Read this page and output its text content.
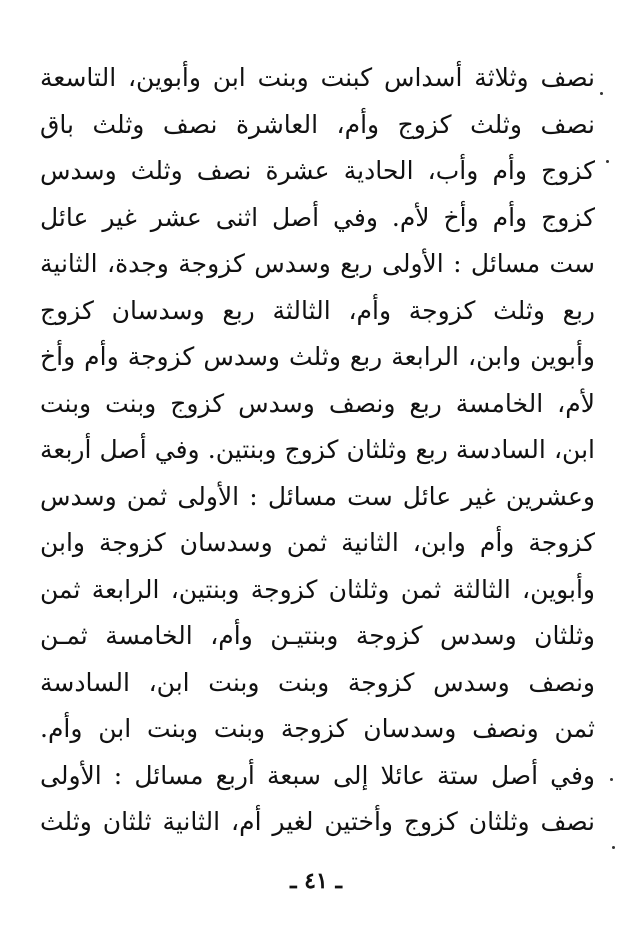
نصف وثلاثة أسداس كبنت وبنت ابن وأبوين، التاسعة
نصف وثلث كزوج وأم، العاشرة نصف وثلث باق
كزوج وأم وأب، الحادية عشرة نصف وثلث وسدس
كزوج وأم وأخ لأم. وفي أصل اثنى عشر غير عائل
ست مسائل : الأولى ربع وسدس كزوجة وجدة، الثانية
ربع وثلث كزوجة وأم، الثالثة ربع وسدسان كزوج
وأبوين وابن، الرابعة ربع وثلث وسدس كزوجة وأم وأخ
لأم، الخامسة ربع ونصف وسدس كزوج وبنت وبنت
ابن، السادسة ربع وثلثان كزوج وبنتين. وفي أصل أربعة
وعشرين غير عائل ست مسائل : الأولى ثمن وسدس
كزوجة وأم وابن، الثانية ثمن وسدسان كزوجة وابن
وأبوين، الثالثة ثمن وثلثان كزوجة وبنتين، الرابعة ثمن
وثلثان وسدس كزوجة وبنتيـن وأم، الخامسة ثمـن
ونصف وسدس كزوجة وبنت وبنت ابن، السادسة
ثمن ونصف وسدسان كزوجة وبنت وبنت ابن وأم.
وفي أصل ستة عائلا إلى سبعة أربع مسائل : الأولى
نصف وثلثان كزوج وأختين لغير أم، الثانية ثلثان وثلث
ـ ٤١ ـ
